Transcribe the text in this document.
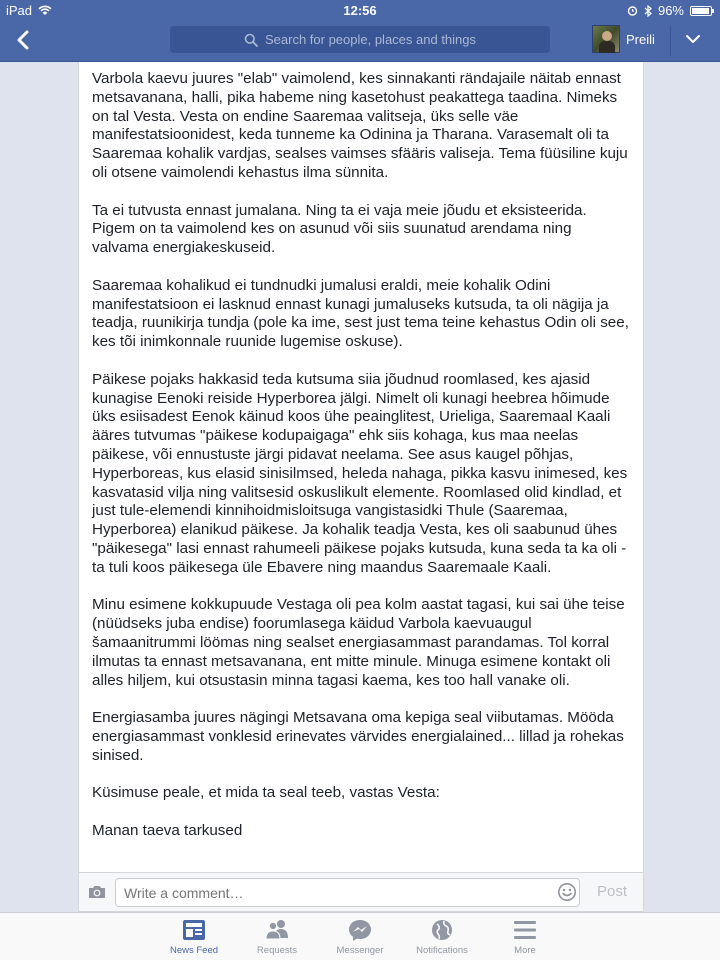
iPad	12:56	96%
Search for people, places and things	Preili

Varbola kaevu juures "elab" vaimolend, kes sinnakanti rändajaile näitab ennast metsavanana, halli, pika habeme ning kasetohust peakattega taadina. Nimeks on tal Vesta. Vesta on endine Saaremaa valitseja, üks selle väe manifestatsioonidest, keda tunneme ka Odinina ja Tharana. Varasemalt oli ta Saaremaa kohalik vardjas, sealses vaimses sfääris valiseja. Tema füüsiline kuju oli otsene vaimolendi kehastus ilma sünnita.

Ta ei tutvusta ennast jumalana. Ning ta ei vaja meie jõudu et eksisteerida. Pigem on ta vaimolend kes on asunud või siis suunatud arendama ning valvama energiakeskuseid.

Saaremaa kohalikud ei tundnudki jumalusi eraldi, meie kohalik Odini manifestatsioon ei lasknud ennast kunagi jumaluseks kutsuda, ta oli nägija ja teadja, ruunikirja tundja (pole ka ime, sest just tema teine kehastus Odin oli see, kes tõi inimkonnale ruunide lugemise oskuse).

Päikese pojaks hakkasid teda kutsuma siia jõudnud roomlased, kes ajasid kunagise Eenoki reiside Hyperborea jälgi. Nimelt oli kunagi heebrea hõimude üks esiisadest Eenok käinud koos ühe peainglitest, Urieliga, Saaremaal Kaali ääres tutvumas "päikese kodupaigaga" ehk siis kohaga, kus maa neelas päikese, või ennustuste järgi pidavat neelama. See asus kaugel põhjas, Hyperboreas, kus elasid sinisilmsed, heleda nahaga, pikka kasvu inimesed, kes kasvatasid vilja ning valitsesid oskuslikult elemente. Roomlased olid kindlad, et just tule-elemendi kinnihoidmisloitsuga vangistasidki Thule (Saaremaa, Hyperborea) elanikud päikese. Ja kohalik teadja Vesta, kes oli saabunud ühes "päikesega" lasi ennast rahumeeli päikese pojaks kutsuda, kuna seda ta ka oli - ta tuli koos päikesega üle Ebavere ning maandus Saaremaale Kaali.

Minu esimene kokkupuude Vestaga oli pea kolm aastat tagasi, kui sai ühe teise (nüüdseks juba endise) foorumlasega käidud Varbola kaevuaugul šamaanitrummi löömas ning sealset energiasammast parandamas. Tol korral ilmutas ta ennast metsavanana, ent mitte minule. Minuga esimene kontakt oli alles hiljem, kui otsustasin minna tagasi kaema, kes too hall vanake oli.

Energiasamba juures nägingi Metsavana oma kepiga seal viibutamas. Mööda energiasammast vonklesid erinevates värvides energialained... lillad ja rohekas sinised.

Küsimuse peale, et mida ta seal teeb, vastas Vesta:

Manan taeva tarkused

Write a comment…
Post
News Feed	Requests	Messenger	Notifications	More
